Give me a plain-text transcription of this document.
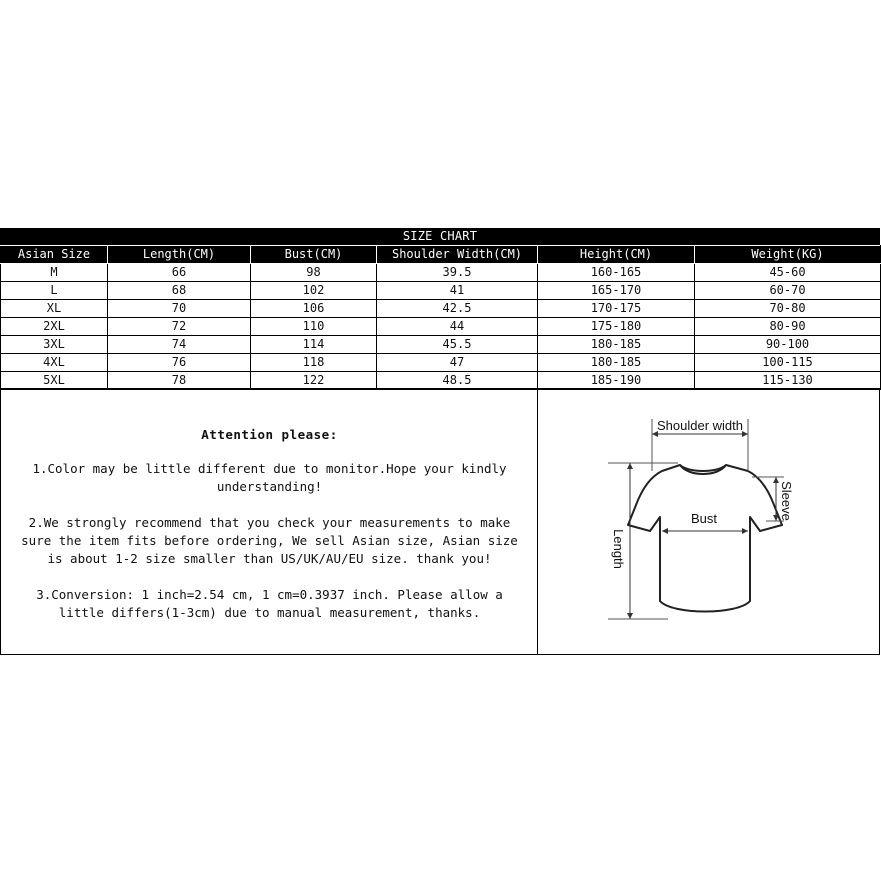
SIZE CHART
Asian Size	Length(CM)	Bust(CM)	Shoulder Width(CM)	Height(CM)	Weight(KG)
M	66	98	39.5	160-165	45-60
L	68	102	41	165-170	60-70
XL	70	106	42.5	170-175	70-80
2XL	72	110	44	175-180	80-90
3XL	74	114	45.5	180-185	90-100
4XL	76	118	47	180-185	100-115
5XL	78	122	48.5	185-190	115-130
Attention please:
1.Color may be little different due to monitor.Hope your kindly
understanding!
2.We strongly recommend that you check your measurements to make
sure the item fits before ordering, We sell Asian size, Asian size
is about 1-2 size smaller than US/UK/AU/EU size. thank you!
3.Conversion: 1 inch=2.54 cm, 1 cm=0.3937 inch. Please allow a
little differs(1-3cm) due to manual measurement, thanks.
Shoulder width
Bust
Length
Sleeve
